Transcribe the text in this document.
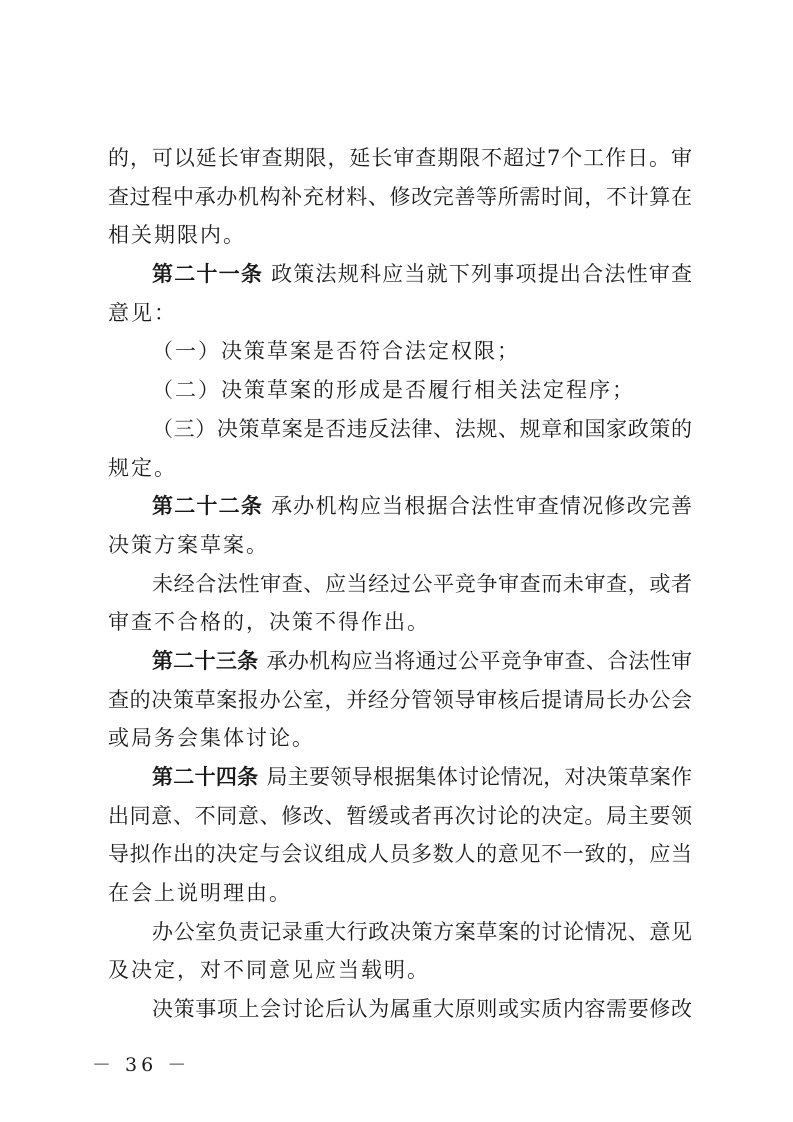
的，可以延长审查期限，延长审查期限不超过7个工作日。审
查过程中承办机构补充材料、修改完善等所需时间，不计算在
相关期限内。
第二十一条 政策法规科应当就下列事项提出合法性审查
意见：
（一）决策草案是否符合法定权限；
（二）决策草案的形成是否履行相关法定程序；
（三）决策草案是否违反法律、法规、规章和国家政策的
规定。
第二十二条 承办机构应当根据合法性审查情况修改完善
决策方案草案。
未经合法性审查、应当经过公平竞争审查而未审查，或者
审查不合格的，决策不得作出。
第二十三条 承办机构应当将通过公平竞争审查、合法性审
查的决策草案报办公室，并经分管领导审核后提请局长办公会
或局务会集体讨论。
第二十四条 局主要领导根据集体讨论情况，对决策草案作
出同意、不同意、修改、暂缓或者再次讨论的决定。局主要领
导拟作出的决定与会议组成人员多数人的意见不一致的，应当
在会上说明理由。
办公室负责记录重大行政决策方案草案的讨论情况、意见
及决定，对不同意见应当载明。
决策事项上会讨论后认为属重大原则或实质内容需要修改
－ 36 －
